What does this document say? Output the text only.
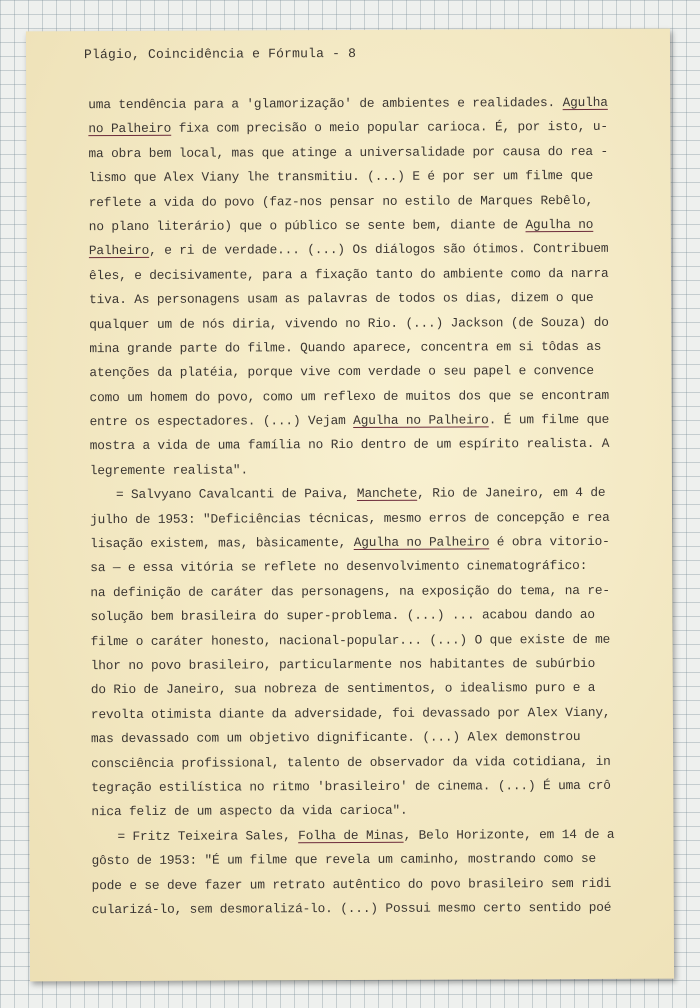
Plágio, Coincidência e Fórmula - 8
uma tendência para a 'glamorização' de ambientes e realidades. Agulha
no Palheiro fixa com precisão o meio popular carioca. É, por isto, u-
ma obra bem local, mas que atinge a universalidade por causa do rea -
lismo que Alex Viany lhe transmitiu. (...) E é por ser um filme que
reflete a vida do povo (faz-nos pensar no estilo de Marques Rebêlo,
no plano literário) que o público se sente bem, diante de Agulha no
Palheiro, e ri de verdade... (...) Os diálogos são ótimos. Contribuem
êles, e decisivamente, para a fixação tanto do ambiente como da narra
tiva. As personagens usam as palavras de todos os dias, dizem o que
qualquer um de nós diria, vivendo no Rio. (...) Jackson (de Souza) do
mina grande parte do filme. Quando aparece, concentra em si tôdas as
atenções da platéia, porque vive com verdade o seu papel e convence
como um homem do povo, como um reflexo de muitos dos que se encontram
entre os espectadores. (...) Vejam Agulha no Palheiro. É um filme que
mostra a vida de uma família no Rio dentro de um espírito realista. A
legremente realista".
= Salvyano Cavalcanti de Paiva, Manchete, Rio de Janeiro, em 4 de
julho de 1953: "Deficiências técnicas, mesmo erros de concepção e rea
lisação existem, mas, bàsicamente, Agulha no Palheiro é obra vitorio-
sa — e essa vitória se reflete no desenvolvimento cinematográfico:
na definição de caráter das personagens, na exposição do tema, na re-
solução bem brasileira do super-problema. (...) ... acabou dando ao
filme o caráter honesto, nacional-popular... (...) O que existe de me
lhor no povo brasileiro, particularmente nos habitantes de subúrbio
do Rio de Janeiro, sua nobreza de sentimentos, o idealismo puro e a
revolta otimista diante da adversidade, foi devassado por Alex Viany,
mas devassado com um objetivo dignificante. (...) Alex demonstrou
consciência profissional, talento de observador da vida cotidiana, in
tegração estilística no ritmo 'brasileiro' de cinema. (...) É uma crô
nica feliz de um aspecto da vida carioca".
= Fritz Teixeira Sales, Folha de Minas, Belo Horizonte, em 14 de a
gôsto de 1953: "É um filme que revela um caminho, mostrando como se
pode e se deve fazer um retrato autêntico do povo brasileiro sem ridi
cularizá-lo, sem desmoralizá-lo. (...) Possui mesmo certo sentido poé
